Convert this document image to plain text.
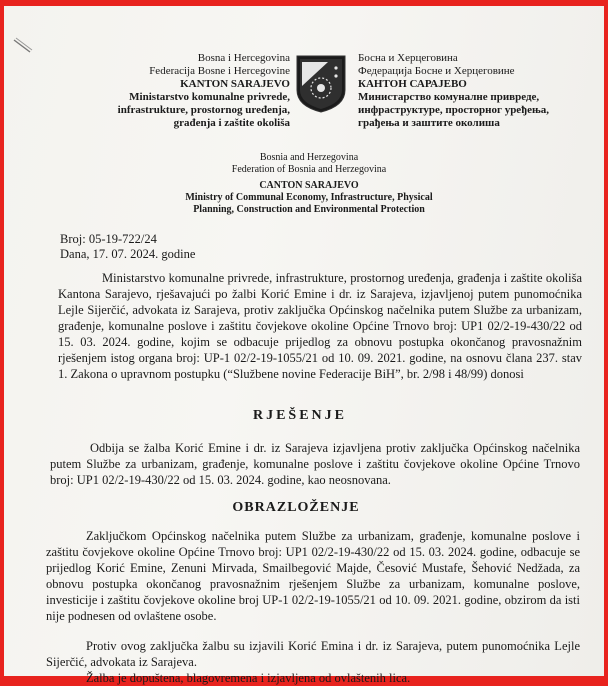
Bosna i Hercegovina
Federacija Bosne i Hercegovine
KANTON SARAJEVO
Ministarstvo komunalne privrede,
infrastrukture, prostornog uređenja,
građenja i zaštite okoliša
Босна и Херцеговина
Федерација Босне и Херцеговине
КАНТОН САРАЈЕВО
Министарство комуналне привреде,
инфраструктуре, просторног уређења,
грађења и заштите околиша
Bosnia and Herzegovina
Federation of Bosnia and Herzegovina
CANTON SARAJEVO
Ministry of Communal Economy, Infrastructure, Physical
Planning, Construction and Environmental Protection
Broj: 05-19-722/24
Dana, 17. 07. 2024. godine
Ministarstvo komunalne privrede, infrastrukture, prostornog uređenja, građenja i zaštite okoliša Kantona Sarajevo, rješavajući po žalbi Korić Emine i dr. iz Sarajeva, izjavljenoj putem punomoćnika Lejle Sijerčić, advokata iz Sarajeva, protiv zaključka Općinskog načelnika putem Službe za urbanizam, građenje, komunalne poslove i zaštitu čovjekove okoline Općine Trnovo broj: UP1 02/2-19-430/22 od 15. 03. 2024. godine, kojim se odbacuje prijedlog za obnovu postupka okončanog pravosnažnim rješenjem istog organa broj: UP-1 02/2-19-1055/21 od 10. 09. 2021. godine, na osnovu člana 237. stav 1. Zakona o upravnom postupku (“Službene novine Federacije BiH”, br. 2/98 i 48/99) donosi
RJEŠENJE
Odbija se žalba Korić Emine i dr. iz Sarajeva izjavljena protiv zaključka Općinskog načelnika putem Službe za urbanizam, građenje, komunalne poslove i zaštitu čovjekove okoline Općine Trnovo broj: UP1 02/2-19-430/22 od 15. 03. 2024. godine, kao neosnovana.
OBRAZLOŽENJE
Zaključkom Općinskog načelnika putem Službe za urbanizam, građenje, komunalne poslove i zaštitu čovjekove okoline Općine Trnovo broj: UP1 02/2-19-430/22 od 15. 03. 2024. godine, odbacuje se prijedlog Korić Emine, Zenuni Mirvada, Smailbegović Majde, Česović Mustafe, Šehović Nedžada, za obnovu postupka okončanog pravosnažnim rješenjem Službe za urbanizam, komunalne poslove, investicije i zaštitu čovjekove okoline broj UP-1 02/2-19-1055/21 od 10. 09. 2021. godine, obzirom da isti nije podnesen od ovlaštene osobe.
Protiv ovog zaključka žalbu su izjavili Korić Emina i dr. iz Sarajeva, putem punomoćnika Lejle Sijerčić, advokata iz Sarajeva.
Žalba je dopuštena, blagovremena i izjavljena od ovlaštenih lica.
